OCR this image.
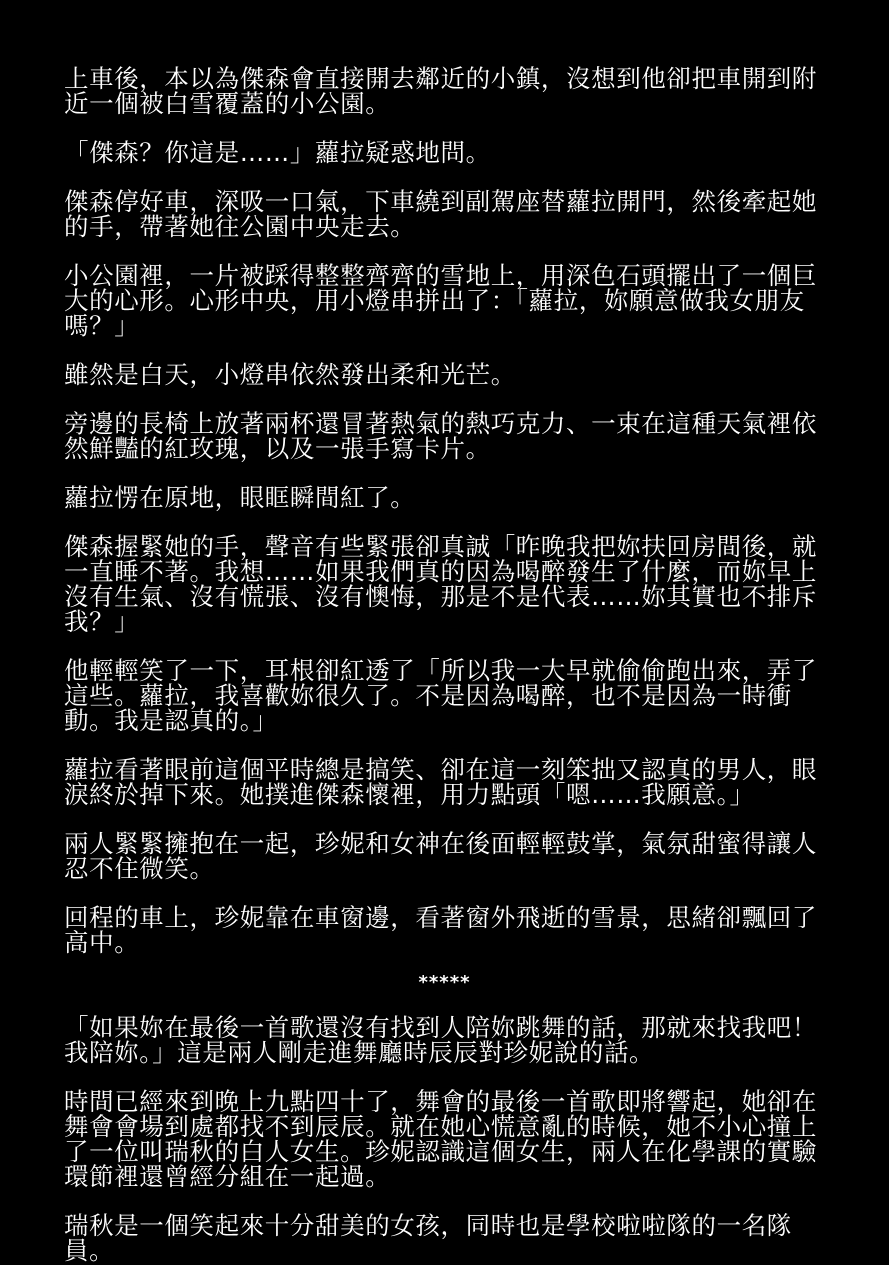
上車後，本以為傑森會直接開去鄰近的小鎮，沒想到他卻把車開到附近一個被白雪覆蓋的小公園。

「傑森？你這是……」蘿拉疑惑地問。

傑森停好車，深吸一口氣，下車繞到副駕座替蘿拉開門，然後牽起她的手，帶著她往公園中央走去。

小公園裡，一片被踩得整整齊齊的雪地上，用深色石頭擺出了一個巨大的心形。心形中央，用小燈串拼出了：「蘿拉，妳願意做我女朋友嗎？」

雖然是白天，小燈串依然發出柔和光芒。

旁邊的長椅上放著兩杯還冒著熱氣的熱巧克力、一束在這種天氣裡依然鮮豔的紅玫瑰，以及一張手寫卡片。

蘿拉愣在原地，眼眶瞬間紅了。

傑森握緊她的手，聲音有些緊張卻真誠「昨晚我把妳扶回房間後，就一直睡不著。我想……如果我們真的因為喝醉發生了什麼，而妳早上沒有生氣、沒有慌張、沒有懊悔，那是不是代表……妳其實也不排斥我？」

他輕輕笑了一下，耳根卻紅透了「所以我一大早就偷偷跑出來，弄了這些。蘿拉，我喜歡妳很久了。不是因為喝醉，也不是因為一時衝動。我是認真的。」

蘿拉看著眼前這個平時總是搞笑、卻在這一刻笨拙又認真的男人，眼淚終於掉下來。她撲進傑森懷裡，用力點頭「嗯……我願意。」

兩人緊緊擁抱在一起，珍妮和女神在後面輕輕鼓掌，氣氛甜蜜得讓人忍不住微笑。

回程的車上，珍妮靠在車窗邊，看著窗外飛逝的雪景，思緒卻飄回了高中。

*****

「如果妳在最後一首歌還沒有找到人陪妳跳舞的話，那就來找我吧！我陪妳。」這是兩人剛走進舞廳時辰辰對珍妮說的話。

時間已經來到晚上九點四十了，舞會的最後一首歌即將響起，她卻在舞會會場到處都找不到辰辰。就在她心慌意亂的時候，她不小心撞上了一位叫瑞秋的白人女生。珍妮認識這個女生，兩人在化學課的實驗環節裡還曾經分組在一起過。

瑞秋是一個笑起來十分甜美的女孩，同時也是學校啦啦隊的一名隊員。
